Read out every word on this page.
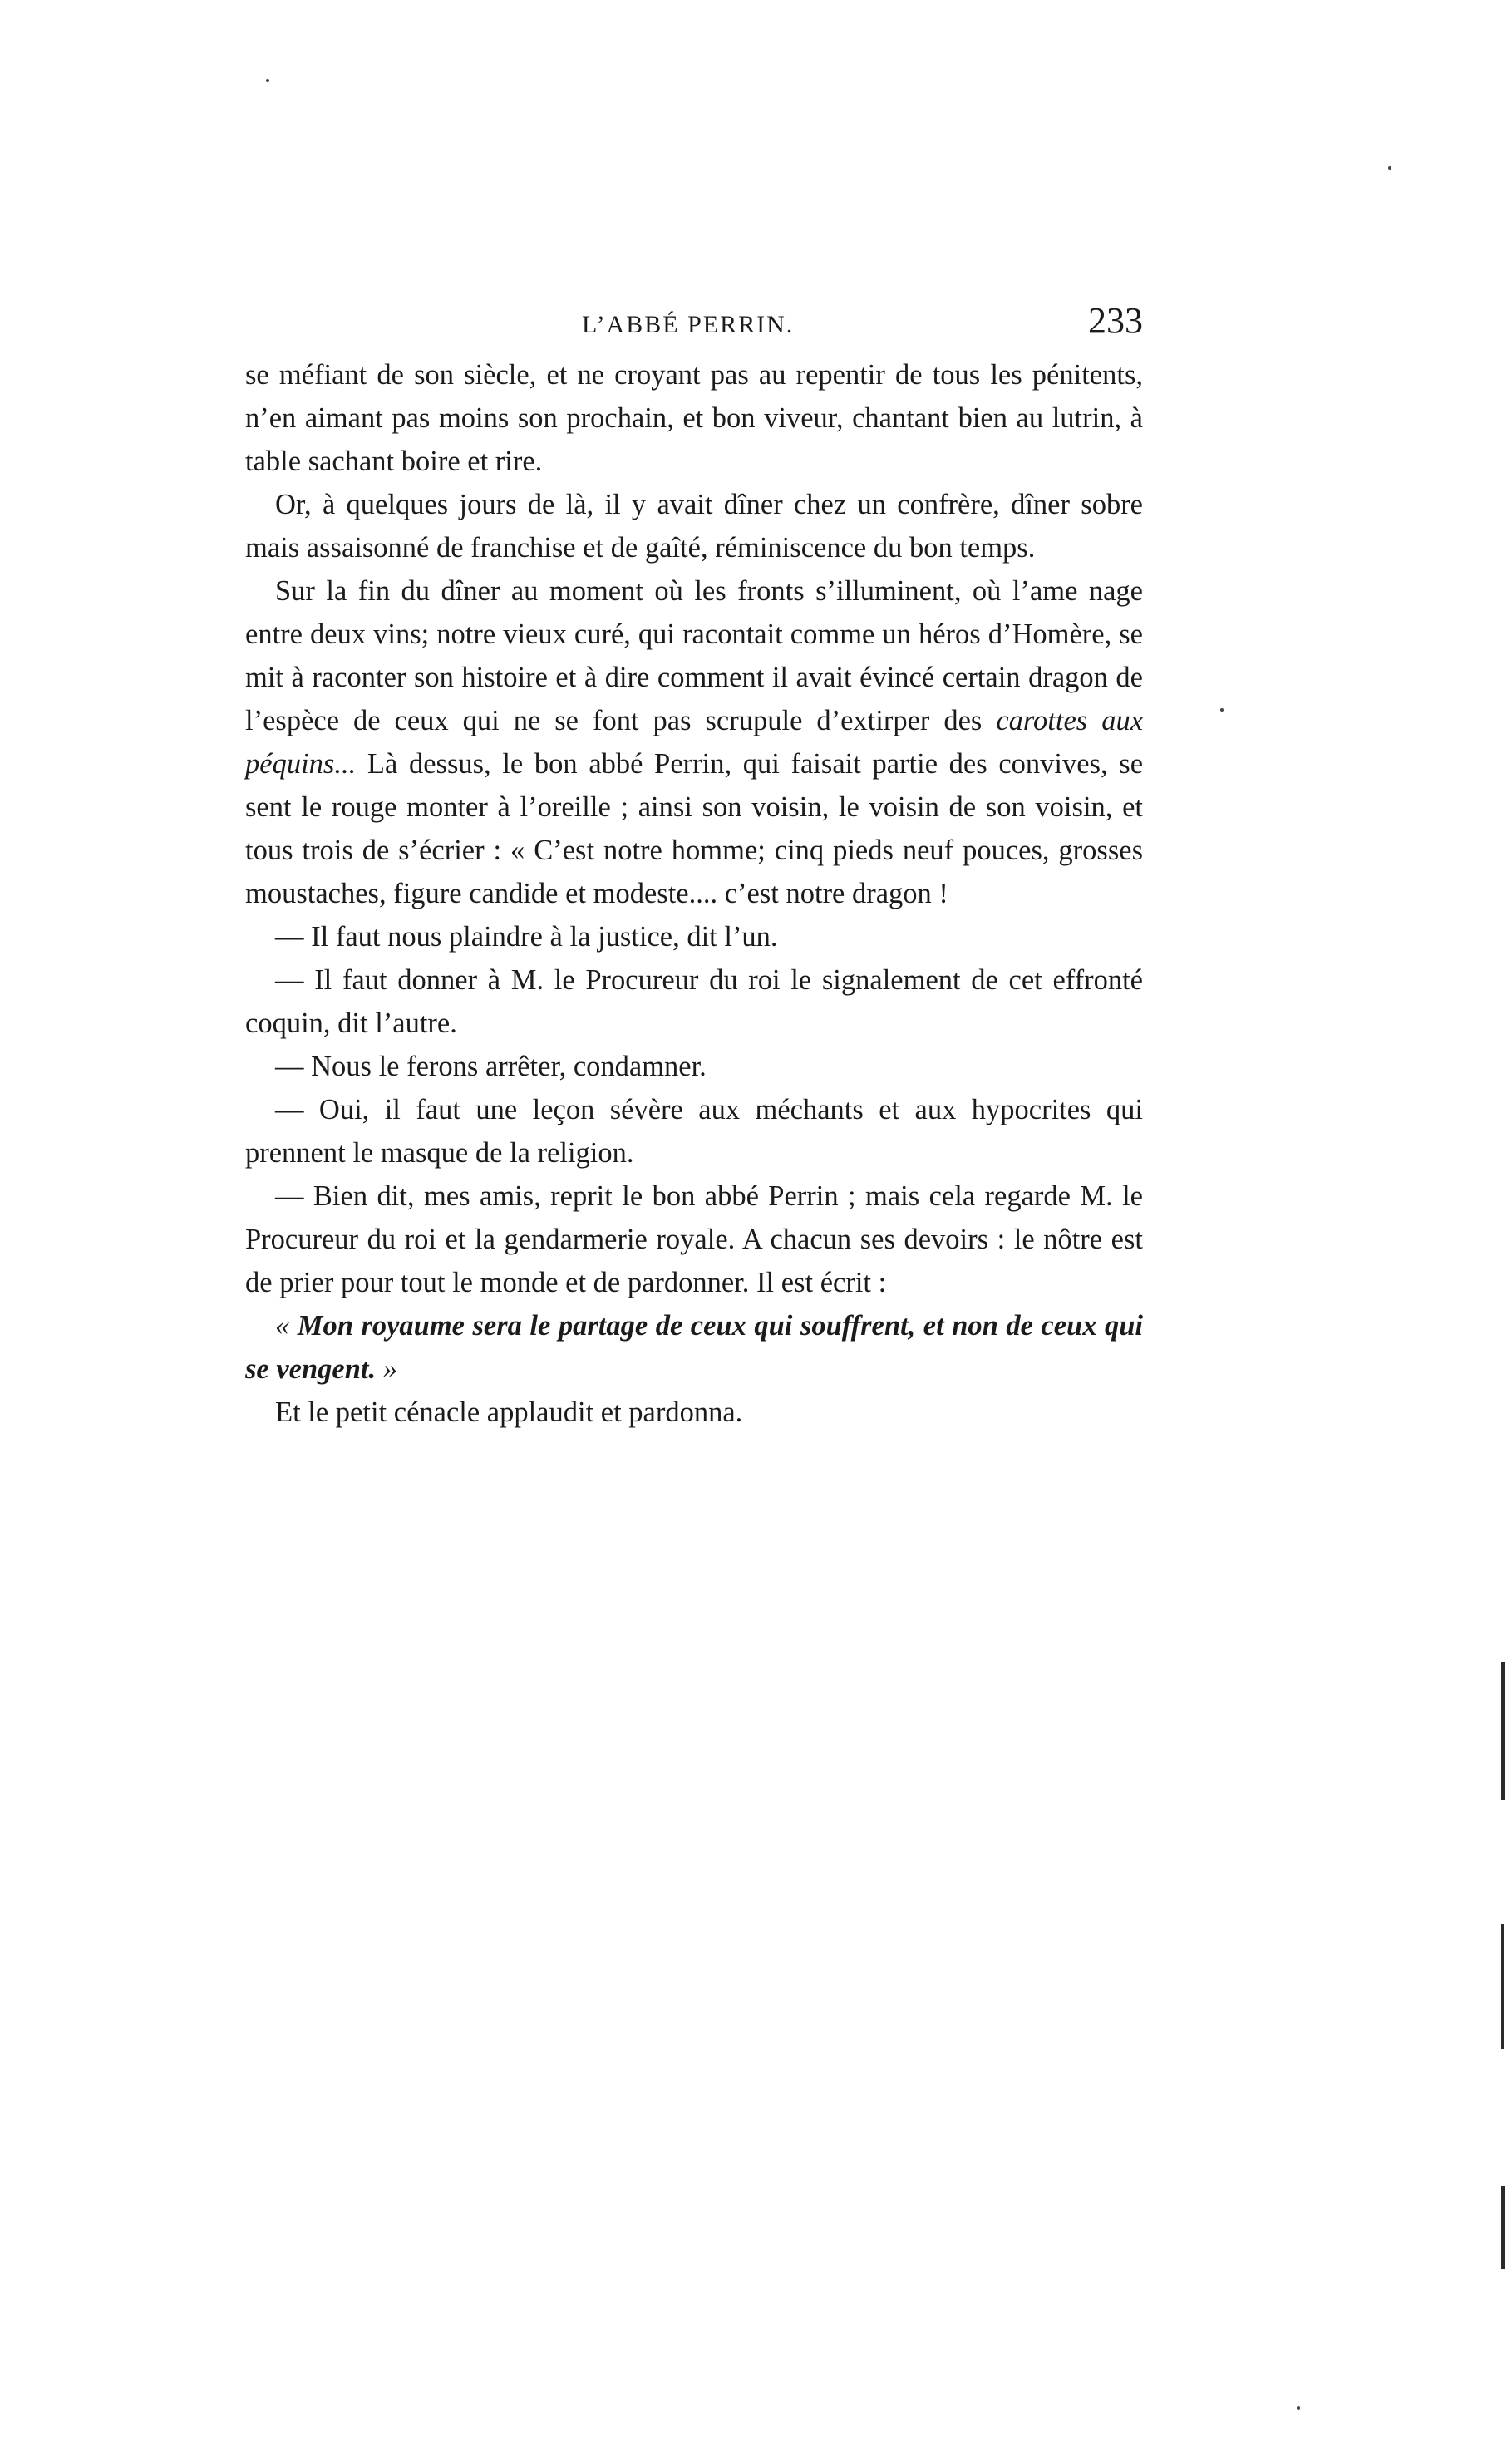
L’ABBÉ PERRIN.	233

se méfiant de son siècle, et ne croyant pas au repentir de tous les pénitents, n’en aimant pas moins son prochain, et bon viveur, chantant bien au lutrin, à table sachant boire et rire.

Or, à quelques jours de là, il y avait dîner chez un confrère, dîner sobre mais assaisonné de franchise et de gaîté, réminiscence du bon temps.

Sur la fin du dîner au moment où les fronts s’illuminent, où l’ame nage entre deux vins; notre vieux curé, qui racontait comme un héros d’Homère, se mit à raconter son histoire et à dire comment il avait évincé certain dragon de l’espèce de ceux qui ne se font pas scrupule d’extirper des carottes aux péquins... Là dessus, le bon abbé Perrin, qui faisait partie des convives, se sent le rouge monter à l’oreille ; ainsi son voisin, le voisin de son voisin, et tous trois de s’écrier : « C’est notre homme; cinq pieds neuf pouces, grosses moustaches, figure candide et modeste.... c’est notre dragon !

— Il faut nous plaindre à la justice, dit l’un.

— Il faut donner à M. le Procureur du roi le signalement de cet effronté coquin, dit l’autre.

— Nous le ferons arrêter, condamner.

— Oui, il faut une leçon sévère aux méchants et aux hypocrites qui prennent le masque de la religion.

— Bien dit, mes amis, reprit le bon abbé Perrin ; mais cela regarde M. le Procureur du roi et la gendarmerie royale. A chacun ses devoirs : le nôtre est de prier pour tout le monde et de pardonner. Il est écrit :

« Mon royaume sera le partage de ceux qui souffrent, et non de ceux qui se vengent. »

Et le petit cénacle applaudit et pardonna.
